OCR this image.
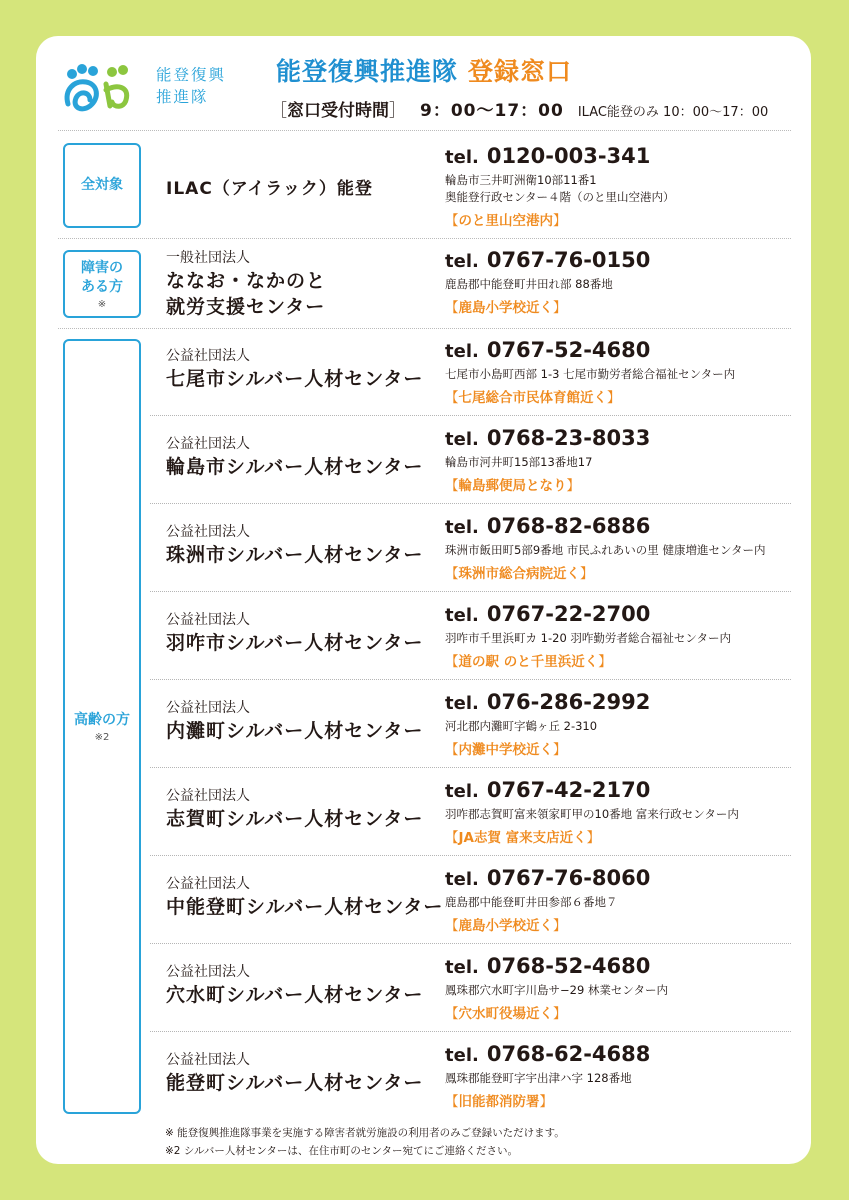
能登復興
推進隊
能登復興推進隊 登録窓口
［窓口受付時間］ 9：00～17：00 ILAC能登のみ 10：00～17：00
全対象
障害の
ある方
※
高齢の方
※2
ILAC（アイラック）能登
tel. 0120-003-341
輪島市三井町洲衛10部11番1
奥能登行政センター４階（のと里山空港内）
【のと里山空港内】
一般社団法人
ななお・なかのと
就労支援センター
tel. 0767-76-0150
鹿島郡中能登町井田れ部 88番地
【鹿島小学校近く】
公益社団法人
七尾市シルバー人材センター
tel. 0767-52-4680
七尾市小島町西部 1-3 七尾市勤労者総合福祉センター内
【七尾総合市民体育館近く】
公益社団法人
輪島市シルバー人材センター
tel. 0768-23-8033
輪島市河井町15部13番地17
【輪島郵便局となり】
公益社団法人
珠洲市シルバー人材センター
tel. 0768-82-6886
珠洲市飯田町5部9番地 市民ふれあいの里 健康増進センター内
【珠洲市総合病院近く】
公益社団法人
羽咋市シルバー人材センター
tel. 0767-22-2700
羽咋市千里浜町カ 1-20 羽咋勤労者総合福祉センター内
【道の駅 のと千里浜近く】
公益社団法人
内灘町シルバー人材センター
tel. 076-286-2992
河北郡内灘町字鶴ヶ丘 2-310
【内灘中学校近く】
公益社団法人
志賀町シルバー人材センター
tel. 0767-42-2170
羽咋郡志賀町富来領家町甲の10番地 富来行政センター内
【JA志賀 富来支店近く】
公益社団法人
中能登町シルバー人材センター
tel. 0767-76-8060
鹿島郡中能登町井田参部６番地７
【鹿島小学校近く】
公益社団法人
穴水町シルバー人材センター
tel. 0768-52-4680
鳳珠郡穴水町字川島サ−29 林業センター内
【穴水町役場近く】
公益社団法人
能登町シルバー人材センター
tel. 0768-62-4688
鳳珠郡能登町字宇出津ハ字 128番地
【旧能都消防署】
※ 能登復興推進隊事業を実施する障害者就労施設の利用者のみご登録いただけます。
※2 シルバー人材センターは、在住市町のセンター宛てにご連絡ください。
